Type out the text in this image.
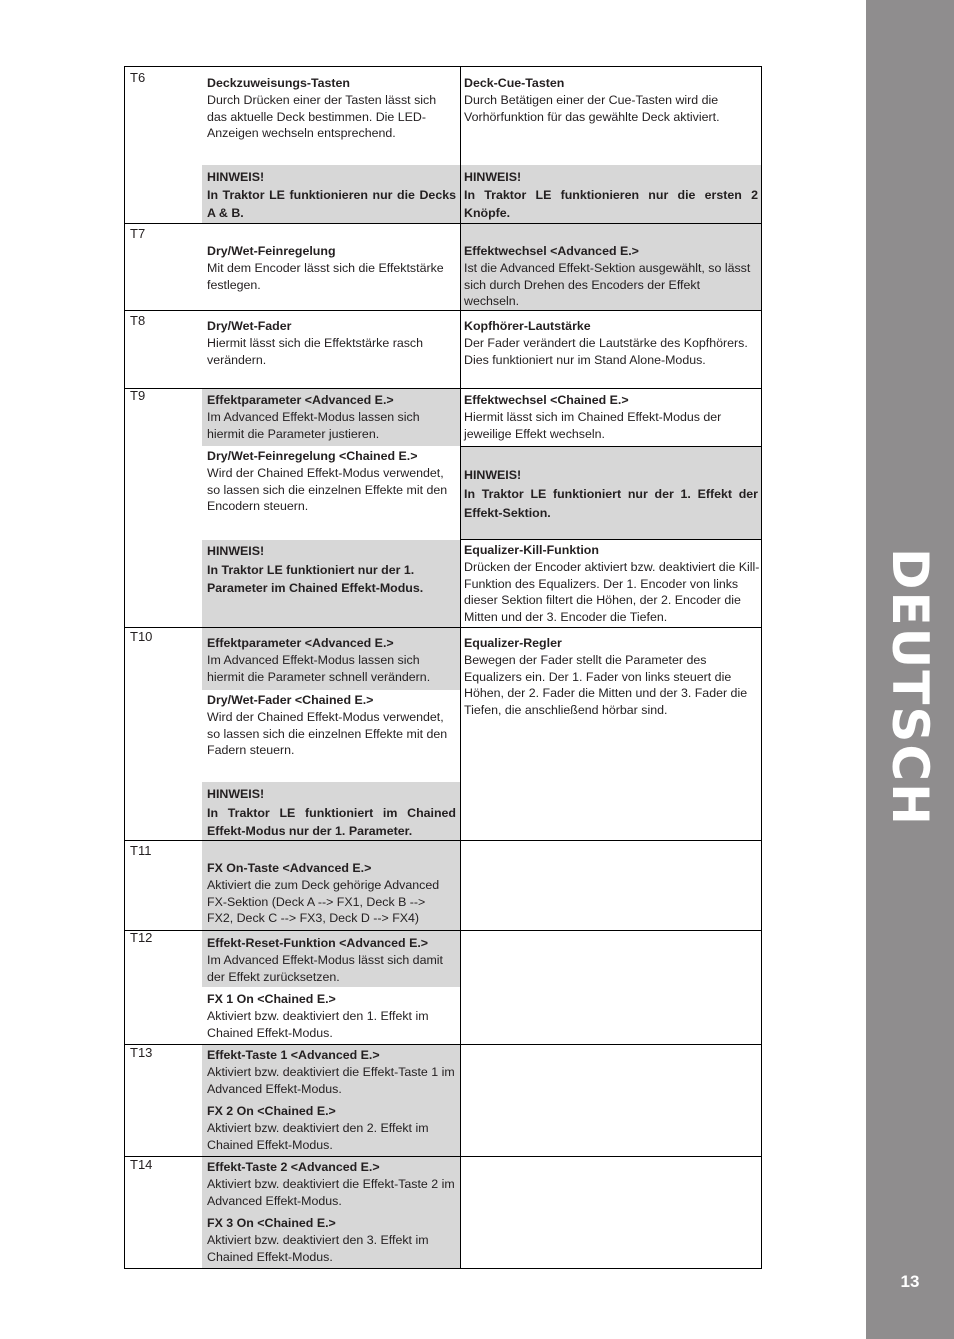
DEUTSCH
13
T6
T7
T8
T9
T10
T11
T12
T13
T14
Deckzuweisungs-Tasten
Durch Drücken einer der Tasten lässt sich das aktuelle Deck bestimmen. Die LED-Anzeigen wechseln entsprechend.
Deck-Cue-Tasten
Durch Betätigen einer der Cue-Tasten wird die Vorhörfunktion für das gewählte Deck aktiviert.
HINWEIS!
In Traktor LE funktionieren nur die Decks A & B.
HINWEIS!
In Traktor LE funktionieren nur die ersten 2 Knöpfe.
Dry/Wet-Feinregelung
Mit dem Encoder lässt sich die Effektstärke festlegen.
Effektwechsel <Advanced E.>
Ist die Advanced Effekt-Sektion ausgewählt, so lässt sich durch Drehen des Encoders der Effekt wechseln.
Dry/Wet-Fader
Hiermit lässt sich die Effektstärke rasch verändern.
Kopfhörer-Lautstärke
Der Fader verändert die Lautstärke des Kopfhörers.
Dies funktioniert nur im Stand Alone-Modus.
Effektparameter <Advanced E.>
Im Advanced Effekt-Modus lassen sich hiermit die Parameter justieren.
Dry/Wet-Feinregelung <Chained E.>
Wird der Chained Effekt-Modus verwendet, so lassen sich die einzelnen Effekte mit den Encodern steuern.
HINWEIS!
In Traktor LE funktioniert nur der 1. Parameter im Chained Effekt-Modus.
Effektwechsel <Chained E.>
Hiermit lässt sich im Chained Effekt-Modus der jeweilige Effekt wechseln.
HINWEIS!
In Traktor LE funktioniert nur der 1. Effekt der Effekt-Sektion.
Equalizer-Kill-Funktion
Drücken der Encoder aktiviert bzw. deaktiviert die Kill-Funktion des Equalizers. Der 1. Encoder von links dieser Sektion filtert die Höhen, der 2. Encoder die Mitten und der 3. Encoder die Tiefen.
Effektparameter <Advanced E.>
Im Advanced Effekt-Modus lassen sich hiermit die Parameter schnell verändern.
Dry/Wet-Fader <Chained E.>
Wird der Chained Effekt-Modus verwendet, so lassen sich die einzelnen Effekte mit den Fadern steuern.
HINWEIS!
In Traktor LE funktioniert im Chained Effekt-Modus nur der 1. Parameter.
Equalizer-Regler
Bewegen der Fader stellt die Parameter des Equalizers ein. Der 1. Fader von links steuert die Höhen, der 2. Fader die Mitten und der 3. Fader die Tiefen, die anschließend hörbar sind.
FX On-Taste <Advanced E.>
Aktiviert die zum Deck gehörige Advanced FX-Sektion (Deck A --> FX1, Deck B --> FX2, Deck C --> FX3, Deck D --> FX4)
Effekt-Reset-Funktion <Advanced E.>
Im Advanced Effekt-Modus lässt sich damit der Effekt zurücksetzen.
FX 1 On <Chained E.>
Aktiviert bzw. deaktiviert den 1. Effekt im Chained Effekt-Modus.
Effekt-Taste 1 <Advanced E.>
Aktiviert bzw. deaktiviert die Effekt-Taste 1 im Advanced Effekt-Modus.
FX 2 On <Chained E.>
Aktiviert bzw. deaktiviert den 2. Effekt im Chained Effekt-Modus.
Effekt-Taste 2 <Advanced E.>
Aktiviert bzw. deaktiviert die Effekt-Taste 2 im Advanced Effekt-Modus.
FX 3 On <Chained E.>
Aktiviert bzw. deaktiviert den 3. Effekt im Chained Effekt-Modus.
